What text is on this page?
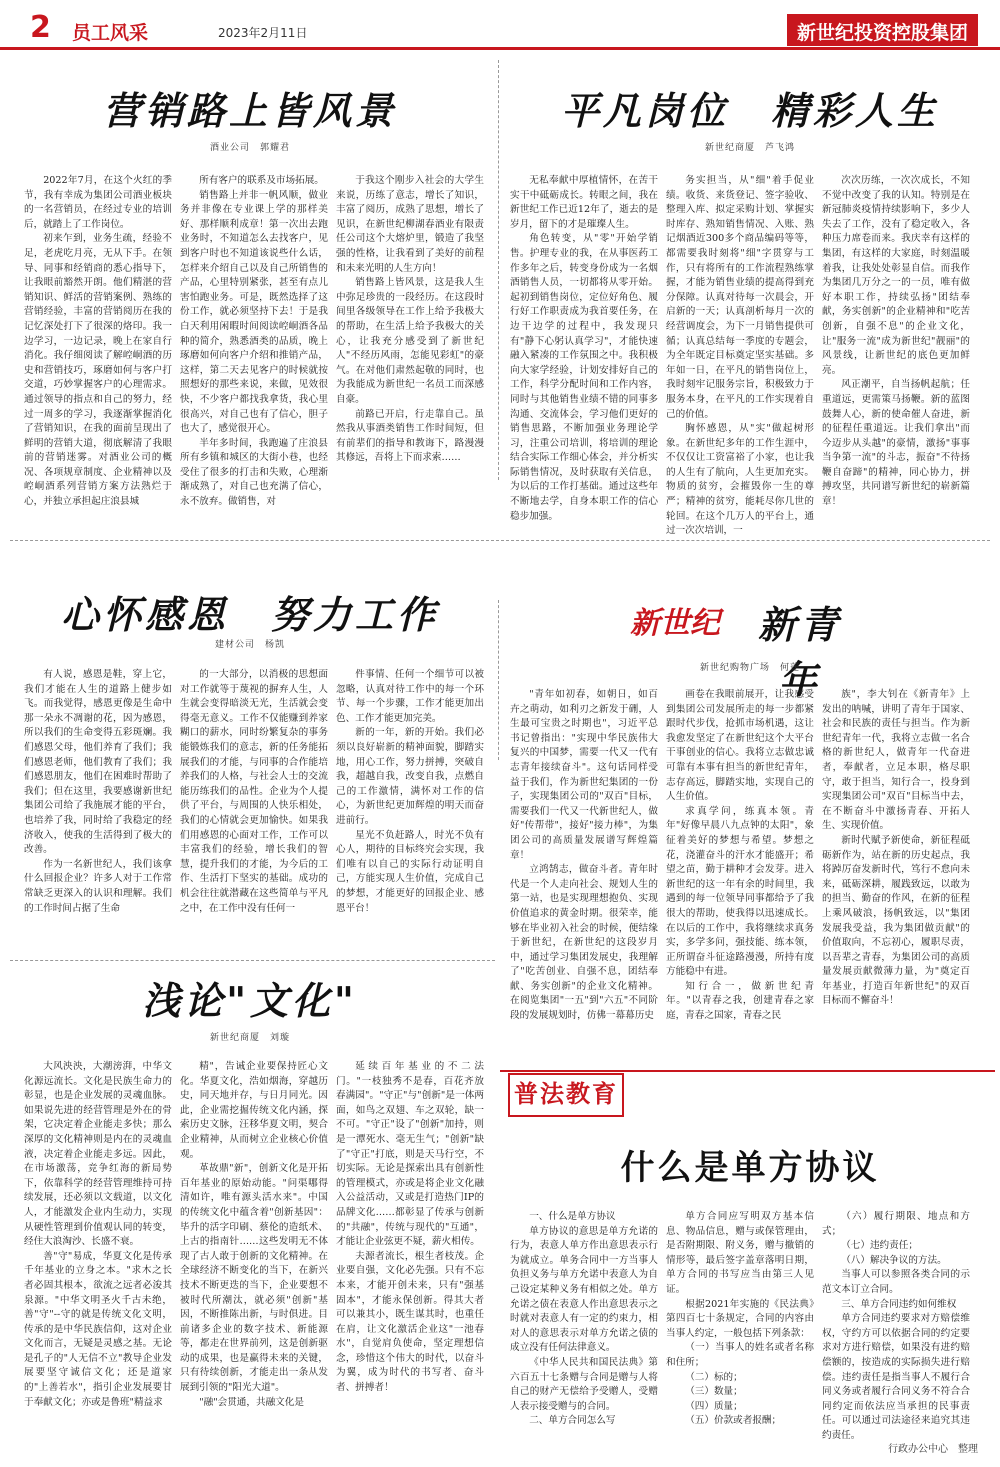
2 员工风采	2023年2月11日	新世纪投资控股集团
营销路上皆风景
酒业公司　郭耀君

2022年7月，在这个火红的季节，我有幸成为集团公司酒业板块的一名营销员，在经过专业的培训后，就踏上了工作岗位。

初来乍到，业务生疏，经验不足，老虎吃月亮，无从下手。在领导、同事和经销商的悉心指导下，让我眼前豁然开朗。他们精湛的营销知识、鲜活的营销案例、熟练的营销经验，丰富的营销阅历在我的记忆深处打下了很深的烙印。我一边学习，一边记录，晚上在家自行消化。我仔细阅读了解崆峒酒的历史和营销技巧，琢磨如何与客户打交道，巧妙掌握客户的心理需求。通过领导的指点和自己的努力，经过一周多的学习，我逐渐掌握消化了营销知识，在我的面前呈现出了鲜明的营销大道，彻底解清了我眼前的营销迷雾。对酒业公司的概况、各项规章制度、企业精神以及崆峒酒系列营销方案方法熟烂于心，并独立承担起庄浪县城

所有客户的联系及市场拓展。

销售路上并非一帆风顺，做业务并非像在专业课上学的那样美好、那样顺利成章！第一次出去跑业务时，不知道怎么去找客户，见到客户时也不知道该说些什么话，怎样来介绍自己以及自己所销售的产品，心里特别紧张，甚至有点儿害怕跑业务。可是，既然选择了这份工作，就必须坚持下去！于是我白天利用闲暇时间阅读崆峒酒各品种的简介，熟悉酒类的品质，晚上琢磨如何向客户介绍和推销产品，这样，第二天去见客户的时候就按照想好的那些来说，来做，见效很快，不少客户都找我拿货，我心里很高兴，对自己也有了信心，胆子也大了，感觉很开心。

半年多时间，我跑遍了庄浪县所有乡镇和城区的大街小巷，也经受住了很多的打击和失败，心理渐渐成熟了，对自己也充满了信心，永不放弃。做销售，对

于我这个刚步入社会的大学生来说，历练了意志，增长了知识，丰富了阅历，成熟了思想，增长了见识，在新世纪柳湖春酒业有限责任公司这个大熔炉里，锻造了我坚强的性格，让我看到了美好的前程和未来光明的人生方向！

销售路上皆风景，这是我人生中弥足珍贵的一段经历。在这段时间里各级领导在工作上给予我极大的帮助，在生活上给予我极大的关心，让我充分感受到了新世纪人"不经历风雨，怎能见彩虹"的豪气。在对他们肃然起敬的同时，也为我能成为新世纪一名员工而深感自豪。

前路已开启，行走靠自己。虽然我从事酒类销售工作时间短，但有前辈们的指导和教诲下，路漫漫其修远，吾将上下而求索……

平凡岗位　精彩人生
新世纪商厦　芦飞鸿

无私奉献中厚植情怀，在苦干实干中砥砺成长。转眼之间，我在新世纪工作已近12年了，逝去的是岁月，留下的才是璀璨人生。

角色转变，从"零"开始学销售。护理专业的我，在从事医药工作多年之后，转变身份成为一名烟酒销售人员，一切都将从零开始。起初到销售岗位，定位好角色、履行好工作职责成为我首要任务，在边干边学的过程中，我发现只有"静下心躬认真学习"，才能快速融入紧凑的工作氛围之中。我积极向大家学经验，计划安排好自己的工作，科学分配时间和工作内容，同时与其他销售业绩不错的同事多沟通、交流体会，学习他们更好的销售思路，不断加强业务理论学习，注重公司培训，将培训的理论结合实际工作细心体会，并分析实际销售情况，及时获取有关信息，为以后的工作打基础。通过这些年不断地去学，自身本职工作的信心稳步加强。

务实担当，从"细"着手促业绩。收货、来货登记、签字验收、整理入库、拟定采购计划、掌握实时库存、熟知销售情况、入账、熟记烟酒近300多个商品编码等等，都需要我时刻将"细"字贯穿与工作，只有将所有的工作流程熟练掌握，才能为销售业绩的提高得到充分保障。认真对待每一次晨会，开启新的一天；认真剖析每月一次的经营调度会，为下一月销售提供可循；认真总结每一季度的专题会，为全年既定目标奠定坚实基础。多年如一日，在平凡的销售岗位上，我时刻牢记服务宗旨，积极致力于服务本身，在平凡的工作实现着自己的价值。

胸怀感恩，从"实"做起树形象。在新世纪多年的工作生涯中，不仅仅让工资富裕了小家，也让我的人生有了航向，人生更加充实。物质的贫穷，会摧毁你一生的尊严；精神的贫穷，能耗尽你几世的轮回。在这个几万人的平台上，通过一次次培训，一

次次历练，一次次成长，不知不觉中改变了我的认知。特别是在新冠肺炎疫情持续影响下，多少人失去了工作，没有了稳定收入，各种压力席卷而来。我庆幸有这样的集团，有这样的大家庭，时刻温暖着我，让我处处彰显自信。而我作为集团几万分之一的一员，唯有做好本职工作，持续弘扬"团结奉献，务实创新"的企业精神和"吃苦创新，自强不息"的企业文化，让"服务一流"成为新世纪"靓丽"的风景线，让新世纪的底色更加鲜亮。

风正潮平，自当扬帆起航；任重道远，更需策马扬鞭。新的蓝图鼓舞人心，新的使命催人奋进，新的征程任重道远。让我们拿出"而今迈步从头越"的豪情，激扬"事事当争第一流"的斗志，振奋"不待扬鞭自奋蹄"的精神，同心协力，拼搏攻坚，共同谱写新世纪的崭新篇章！

心怀感恩　努力工作
建材公司　杨凯

有人说，感恩是鞋，穿上它，我们才能在人生的道路上健步如飞。而我觉得，感恩更像是生命中那一朵永不凋谢的花，因为感恩，所以我们的生命变得五彩斑斓。我们感恩父母，他们养育了我们；我们感恩老师，他们教育了我们；我们感恩朋友，他们在困难时帮助了我们；但在这里，我要感谢新世纪集团公司给了我施展才能的平台，也培养了我，同时给了我稳定的经济收入，使我的生活得到了极大的改善。

作为一名新世纪人，我们该拿什么回报企业？许多人对于工作常常缺乏更深入的认识和理解。我们的工作时间占据了生命

的一大部分，以消极的思想面对工作就等于蔑视的摒弃人生，人生就会变得暗淡无光，生活就会变得毫无意义。工作不仅能赚到养家糊口的薪水，同时纷繁复杂的事务能锻炼我们的意志，新的任务能拓展我们的才能，与同事的合作能培养我们的人格，与社会人士的交流能历练我们的品性。企业为个人提供了平台，与周围的人快乐相处，我们的心情就会更加愉快。如果我们用感恩的心面对工作，工作可以丰富我们的经验，增长我们的智慧，提升我们的才能，为今后的工作、生活打下坚实的基础。成功的机会往往就潜藏在这些简单与平凡之中，在工作中没有任何一

件事情、任何一个细节可以被忽略，认真对待工作中的每一个环节、每一个步骤，工作才能更加出色、工作才能更加完美。

新的一年，新的开始。我们必须以良好崭新的精神面貌，脚踏实地，用心工作，努力拼搏，突破自我，超越自我，改变自我，点燃自己的工作激情，满怀对工作的信心，为新世纪更加辉煌的明天而奋进前行。

星光不负赶路人，时光不负有心人，期待的目标终究会实现，我们唯有以自己的实际行动证明自己，方能实现人生价值，完成自己的梦想，才能更好的回报企业、感恩平台！

新世纪 新青年
新世纪购物广场　何莲

"青年如初春，如朝日，如百卉之萌动，如利刃之新发于硎，人生最可宝贵之时期也"，习近平总书记曾指出："实现中华民族伟大复兴的中国梦，需要一代又一代有志青年接续奋斗"。这句话同样受益于我们，作为新世纪集团的一份子，实现集团公司的"双百"目标，需要我们一代又一代新世纪人，做好"传帮带"，接好"接力棒"，为集团公司的高质量发展谱写辉煌篇章！

立鸿鹄志，做奋斗者。青年时代是一个人走向社会、规划人生的第一站，也是实现理想抱负、实现价值追求的黄金时期。很荣幸，能够在毕业初入社会的时候，便结缘于新世纪，在新世纪的这段岁月中，通过学习集团发展史，我理解了"吃苦创业、自强不息，团结奉献、务实创新"的企业文化精神。在阅览集团"一五"到"六五"不同阶段的发展规划时，仿佛一幕幕历史

画卷在我眼前展开，让我感受到集团公司发展所走的每一步都紧跟时代步伐，抢抓市场机遇，这让我愈发坚定了在新世纪这个大平台干事创业的信心。我将立志做忠诚可靠有本事有担当的新世纪青年，志存高远，脚踏实地，实现自己的人生价值。

求真学问，练真本领。青年"好像早晨八九点钟的太阳"，象征着美好的梦想与希望。梦想之花，浇灌奋斗的汗水才能盛开；希望之苗，勤于耕种才会发芽。进入新世纪的这一年有余的时间里，我遇到的每一位领导同事都给予了我很大的帮助，使我得以迅速成长。在以后的工作中，我将继续求真务实，多学多问，强技能、练本领，正所谓奋斗征途路漫漫，所持有度方能稳中有进。

知行合一，做新世纪青年。"以青春之我，创建青春之家庭，青春之国家，青春之民

族"，李大钊在《新青年》上发出的呐喊，讲明了青年于国家、社会和民族的责任与担当。作为新世纪青年一代，我将立志做一名合格的新世纪人，做青年一代奋进者，奉献者，立足本职，格尽职守，敢于担当，知行合一，投身到实现集团公司"双百"目标当中去，在不断奋斗中激扬青春、开拓人生、实现价值。

新时代赋予新使命，新征程砥砺新作为，站在新的历史起点，我将踔厉奋发新时代，笃行不怠向未来，砥砺深耕，履践致远，以敢为的担当、勤奋的作风，在新的征程上乘风破浪，扬帆致远，以"集团发展我受益，我为集团做贡献"的价值取向，不忘初心，履职尽责，以吾辈之青春，为集团公司的高质量发展贡献微薄力量，为"奠定百年基业，打造百年新世纪"的双百目标而不懈奋斗！

浅论"文化"
新世纪商厦　刘璇

大风泱泱，大潮滂湃，中华文化源远流长。文化是民族生命力的彰显，也是企业发展的灵魂血脉。如果说先进的经营管理是外在的骨架，它决定着企业能走多快；那么深厚的文化精神则是内在的灵魂血液，决定着企业能走多远。因此，在市场激荡，竞争红海的新局势下，依靠科学的经营管理维持可持续发展，还必须以文载道，以文化人，才能激发企业内生动力，实现从硬性管理到价值观认同的转变，经住大浪淘沙、长盛不衰。

善"守"易成，华夏文化是传承千年基业的立身之本。"求木之长者必固其根本，欲流之远者必浚其泉源。"中华文明圣火千古未绝，善"守"--守的就是传统文化文明，传承的是中华民族信仰，这对企业文化而言，无疑是灵感之基。无论是孔子的"人无信不立"教导企业发展要坚守诚信文化；还是道家的"上善若水"，指引企业发展要甘于奉献文化；亦或是鲁班"精益求

精"，告诫企业要保持匠心文化。华夏文化，浩如烟海，穿越历史，同天地并存，与日月同光。因此，企业需挖掘传统文化内涵，探索历史文脉，汪移华夏文明，契合企业精神，从而树立企业核心价值观。

革故鼎"新"，创新文化是开拓百年基业的原始动能。"问渠哪得清如许，唯有源头活水来"。中国的传统文化中蕴含着"创新基因"：毕升的活字印刷、蔡伦的造纸术、上古的指南针……这些发明无不体现了古人敢于创新的文化精神。在全球经济不断变化的当下，在新兴技术不断更迭的当下，企业要想不被时代所潮汰，就必须"创新"基因，不断推陈出新，与时俱进。目前诸多企业的数字技术、新能源等，都走在世界前列，这是创新驱动的成果，也是赢得未来的关键，只有待续创新，才能走出一条从发展到引领的"阳光大道"。

"融"会贯通，共融文化是

延续百年基业的不二法门。"一枝独秀不是春，百花齐放春满园"。"守正"与"创新"是一体两面，如鸟之双翅、车之双轮，缺一不可。"守正"设了"创新"加持，则是一潭死水、毫无生气；"创新"缺了"守正"打底，则是天马行空，不切实际。无论是探索出具有创新性的管理模式，亦或是将企业文化融入公益活动，又或是打造热门IP的品牌文化……都彰显了传承与创新的"共融"，传统与现代的"互通"，才能让企业弦更不疑，薪火相传。

夫源者流长，根生者枝茂。企业要自强，文化必先强。只有不忘本来，才能开创未来，只有"强基固本"，才能永保创新。得其大者可以兼其小，既生谋其时，也重任在肩，让文化激活企业这"一池春水"，自觉肩负使命，坚定理想信念，珍惜这个伟大的时代，以奋斗为翼，成为时代的书写者、奋斗者、拼搏者！

普法教育
什么是单方协议

一、什么是单方协议

单方协议的意思是单方允诺的行为，表意人单方作出意思表示行为就成立。单务合同中一方当事人负担义务与单方允诺中表意人为自己设定某种义务有相似之处。单方允诺之债在表意人作出意思表示之时就对表意人有一定的约束力，相对人的意思表示对单方允诺之债的成立没有任何法律意义。

《中华人民共和国民法典》第六百五十七条赠与合同是赠与人将自己的财产无偿给予受赠人，受赠人表示接受赠与的合同。

二、单方合同怎么写

单方合同应写明双方基本信息、物品信息，赠与或保管理由，是否附期限、附义务，赠与撤销的情形等，最后签字盖章落明日期，单方合同的书写应当由第三人见证。

根据2021年实施的《民法典》第四百七十条规定，合同的内容由当事人约定，一般包括下列条款：

（一）当事人的姓名或者名称和住所；

（二）标的；

（三）数量；

（四）质量；

（五）价款或者报酬；

（六）履行期限、地点和方式；

（七）违约责任；

（八）解决争议的方法。

当事人可以参照各类合同的示范文本订立合同。

三、单方合同违约如何维权

单方合同违约要求对方赔偿维权，守约方可以依据合同的约定要求对方进行赔偿，如果没有进约赔偿额的，按造成的实际损失进行赔偿。违约责任是指当事人不履行合同义务或者履行合同义务不符合合同约定而依法应当承担的民事责任。可以通过司法途径来追究其违约责任。

行政办公中心　整理
